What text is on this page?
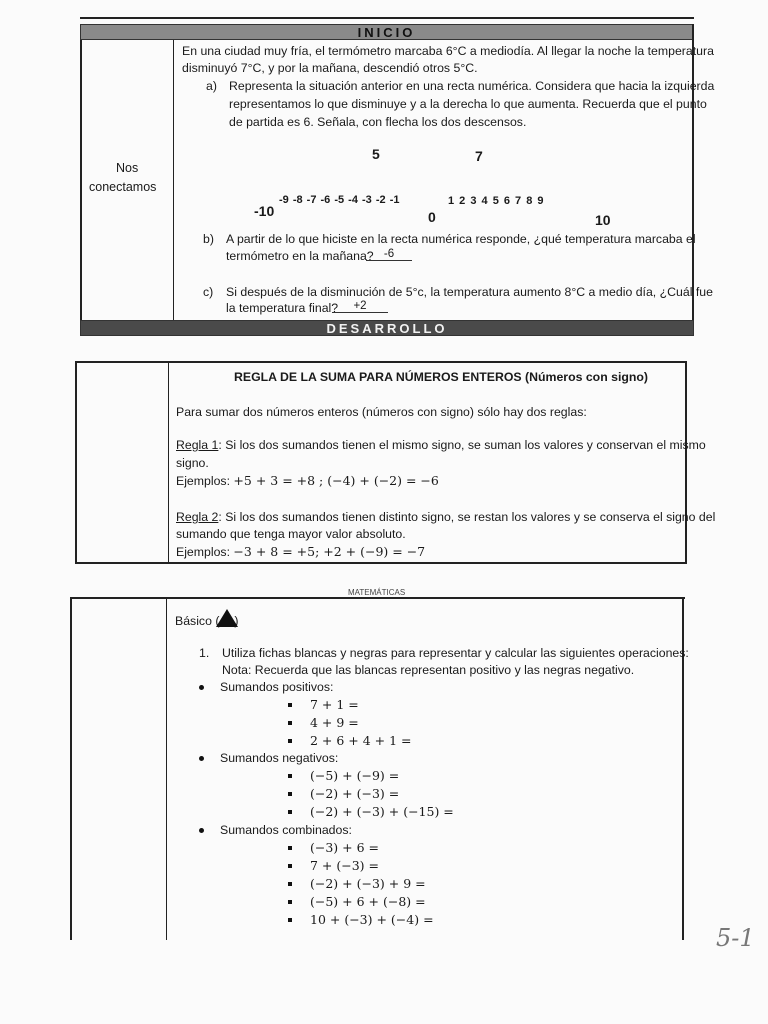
INICIO
Nos
conectamos
En una ciudad muy fría, el termómetro marcaba 6°C a mediodía. Al llegar la noche la temperatura
disminuyó 7°C, y por la mañana, descendió otros 5°C.
a) Representa la situación anterior en una recta numérica. Considera que hacia la izquierda
representamos lo que disminuye y a la derecha lo que aumenta. Recuerda que el punto
de partida es 6. Señala, con flecha los dos descensos.
5	7
-10
-9 -8 -7 -6 -5 -4 -3 -2 -1	1 2 3 4 5 6 7 8 9
0	10
b) A partir de lo que hiciste en la recta numérica responde, ¿qué temperatura marcaba el
termómetro en la mañana? -6
c) Si después de la disminución de 5°c, la temperatura aumento 8°C a medio día, ¿Cuál fue
la temperatura final?	+2
DESARROLLO
REGLA DE LA SUMA PARA NÚMEROS ENTEROS (Números con signo)
Para sumar dos números enteros (números con signo) sólo hay dos reglas:
Regla 1: Si los dos sumandos tienen el mismo signo, se suman los valores y conservan el mismo
signo.
Ejemplos: +5 + 3 = +8 ; (−4) + (−2) = −6
Regla 2: Si los dos sumandos tienen distinto signo, se restan los valores y se conserva el signo del
sumando que tenga mayor valor absoluto.
Ejemplos: −3 + 8 = +5; +2 + (−9) = −7
MATEMÁTICAS
Básico ( )
1. Utiliza fichas blancas y negras para representar y calcular las siguientes operaciones:
Nota: Recuerda que las blancas representan positivo y las negras negativo.
Sumandos positivos:
7 + 1 =
4 + 9 =
2 + 6 + 4 + 1 =
Sumandos negativos:
(−5) + (−9) =
(−2) + (−3) =
(−2) + (−3) + (−15) =
Sumandos combinados:
(−3) + 6 =
7 + (−3) =
(−2) + (−3) + 9 =
(−5) + 6 + (−8) =
10 + (−3) + (−4) =
5-1
